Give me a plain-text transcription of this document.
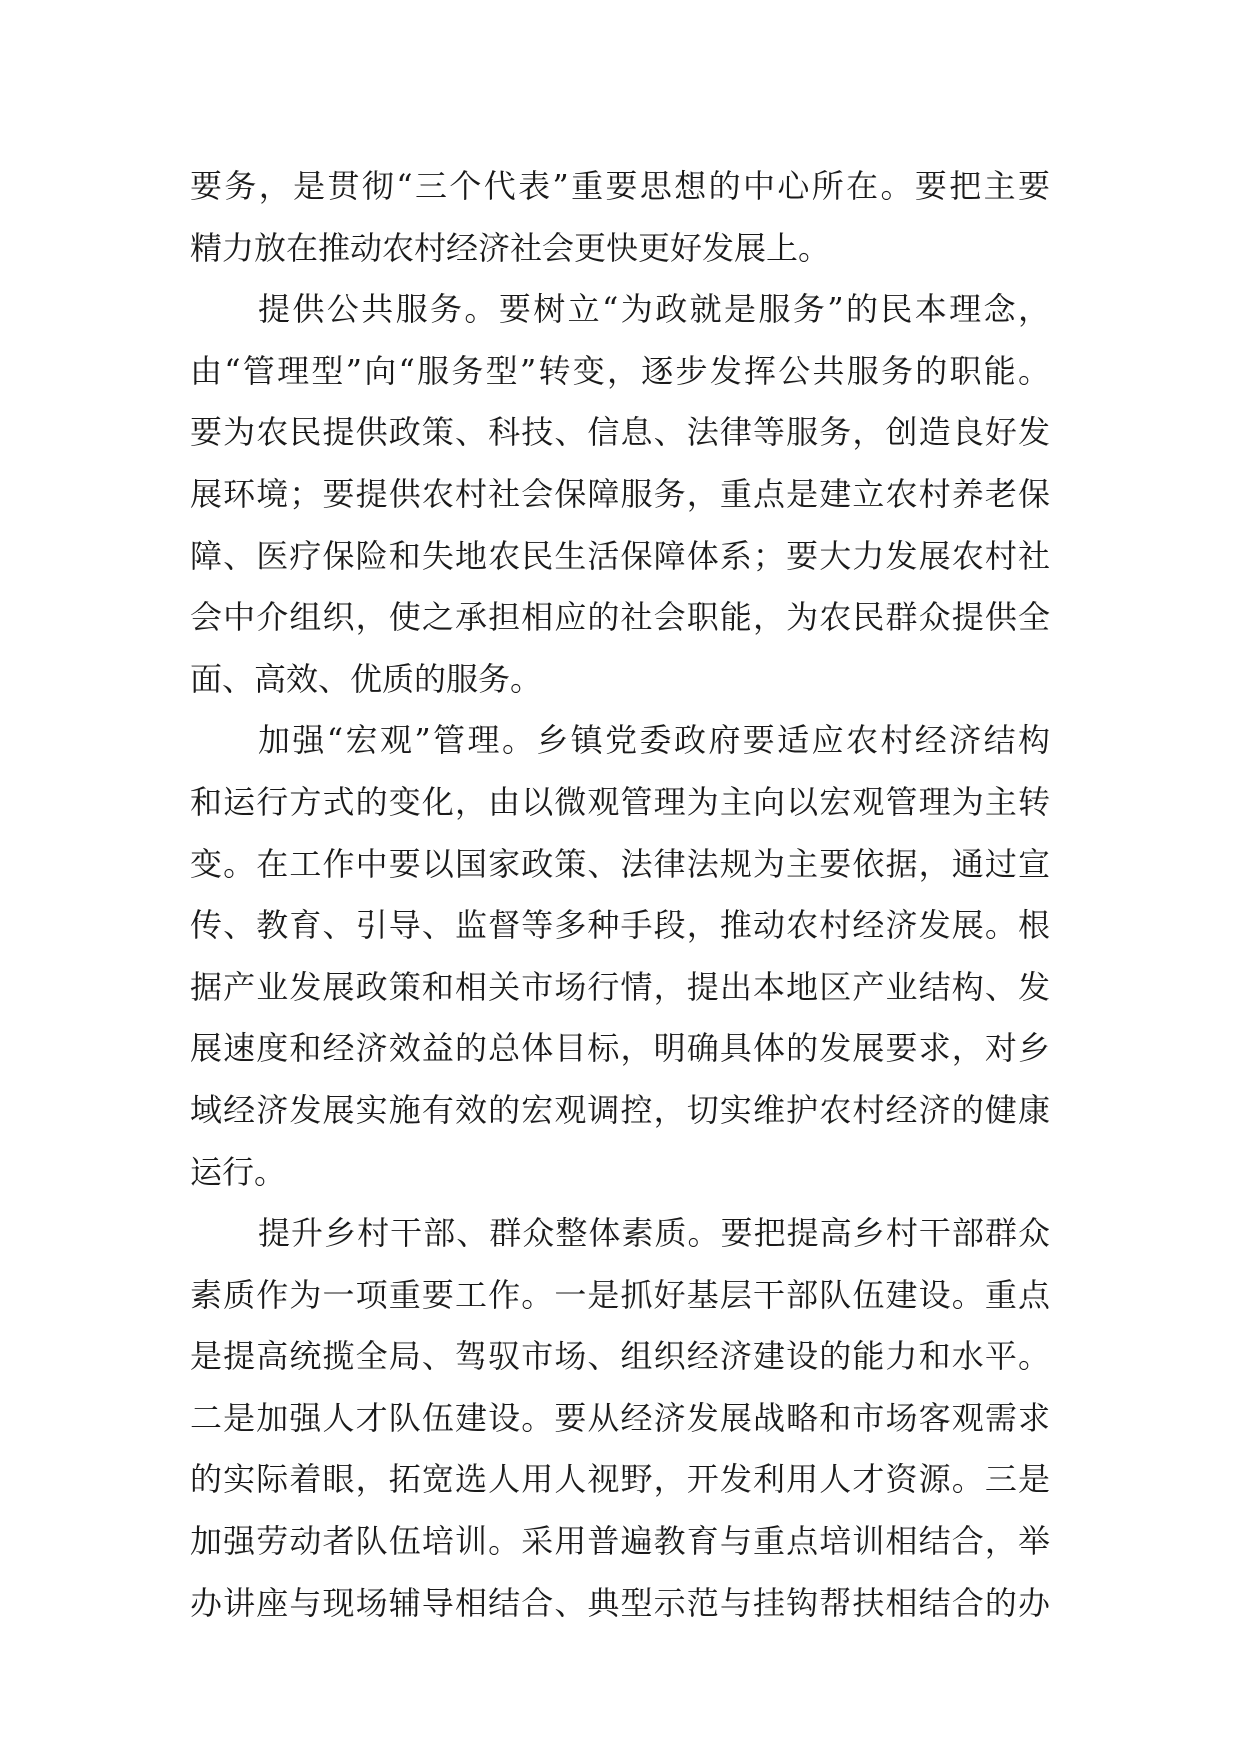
要务，是贯彻“三个代表”重要思想的中心所在。要把主要
精力放在推动农村经济社会更快更好发展上。
提供公共服务。要树立“为政就是服务”的民本理念，
由“管理型”向“服务型”转变，逐步发挥公共服务的职能。
要为农民提供政策、科技、信息、法律等服务，创造良好发
展环境；要提供农村社会保障服务，重点是建立农村养老保
障、医疗保险和失地农民生活保障体系；要大力发展农村社
会中介组织，使之承担相应的社会职能，为农民群众提供全
面、高效、优质的服务。
加强“宏观”管理。乡镇党委政府要适应农村经济结构
和运行方式的变化，由以微观管理为主向以宏观管理为主转
变。在工作中要以国家政策、法律法规为主要依据，通过宣
传、教育、引导、监督等多种手段，推动农村经济发展。根
据产业发展政策和相关市场行情，提出本地区产业结构、发
展速度和经济效益的总体目标，明确具体的发展要求，对乡
域经济发展实施有效的宏观调控，切实维护农村经济的健康
运行。
提升乡村干部、群众整体素质。要把提高乡村干部群众
素质作为一项重要工作。一是抓好基层干部队伍建设。重点
是提高统揽全局、驾驭市场、组织经济建设的能力和水平。
二是加强人才队伍建设。要从经济发展战略和市场客观需求
的实际着眼，拓宽选人用人视野，开发利用人才资源。三是
加强劳动者队伍培训。采用普遍教育与重点培训相结合，举
办讲座与现场辅导相结合、典型示范与挂钩帮扶相结合的办
